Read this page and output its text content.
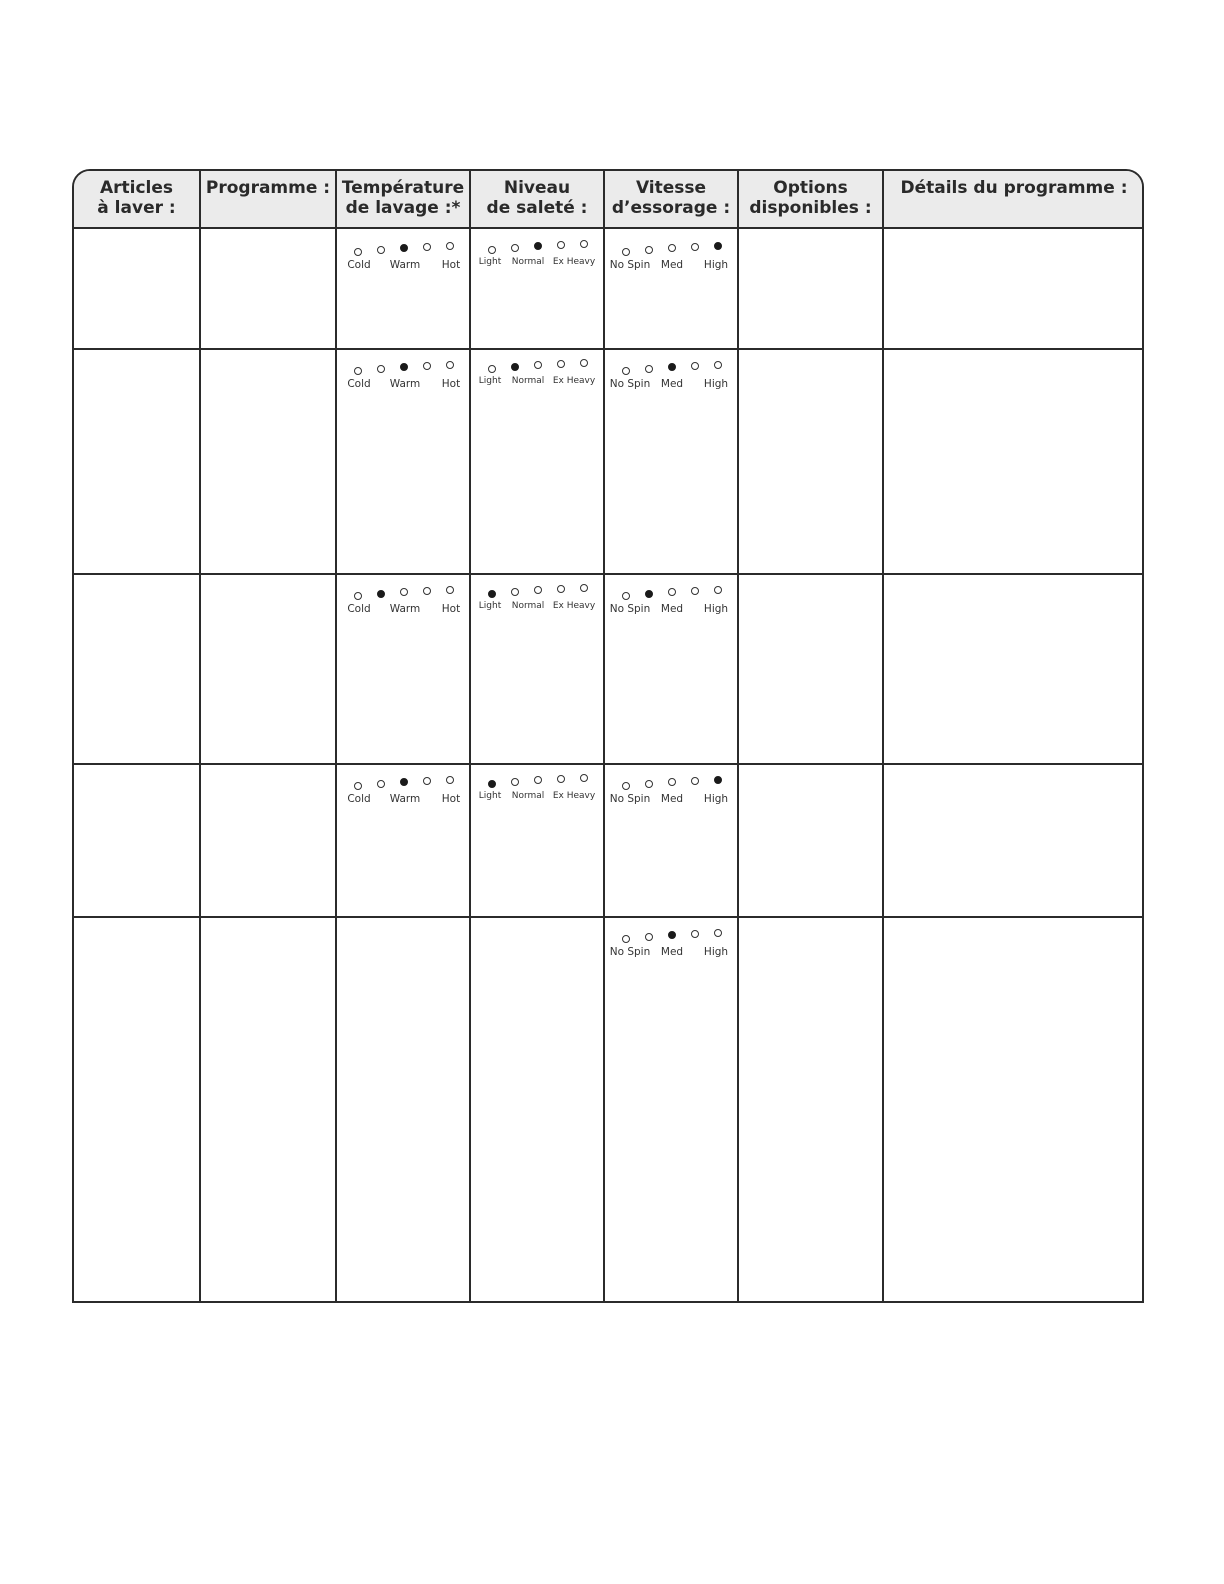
Articles
à laver :
Programme : Température
de lavage :*
Niveau
de saleté :
Vitesse
d’essorage :
Options
disponibles :
Détails du programme :
Cold Warm Hot Light Normal Ex Heavy No Spin Med High
Cold Warm Hot Light Normal Ex Heavy No Spin Med High
Cold Warm Hot Light Normal Ex Heavy No Spin Med High
Cold Warm Hot Light Normal Ex Heavy No Spin Med High
No Spin Med High
